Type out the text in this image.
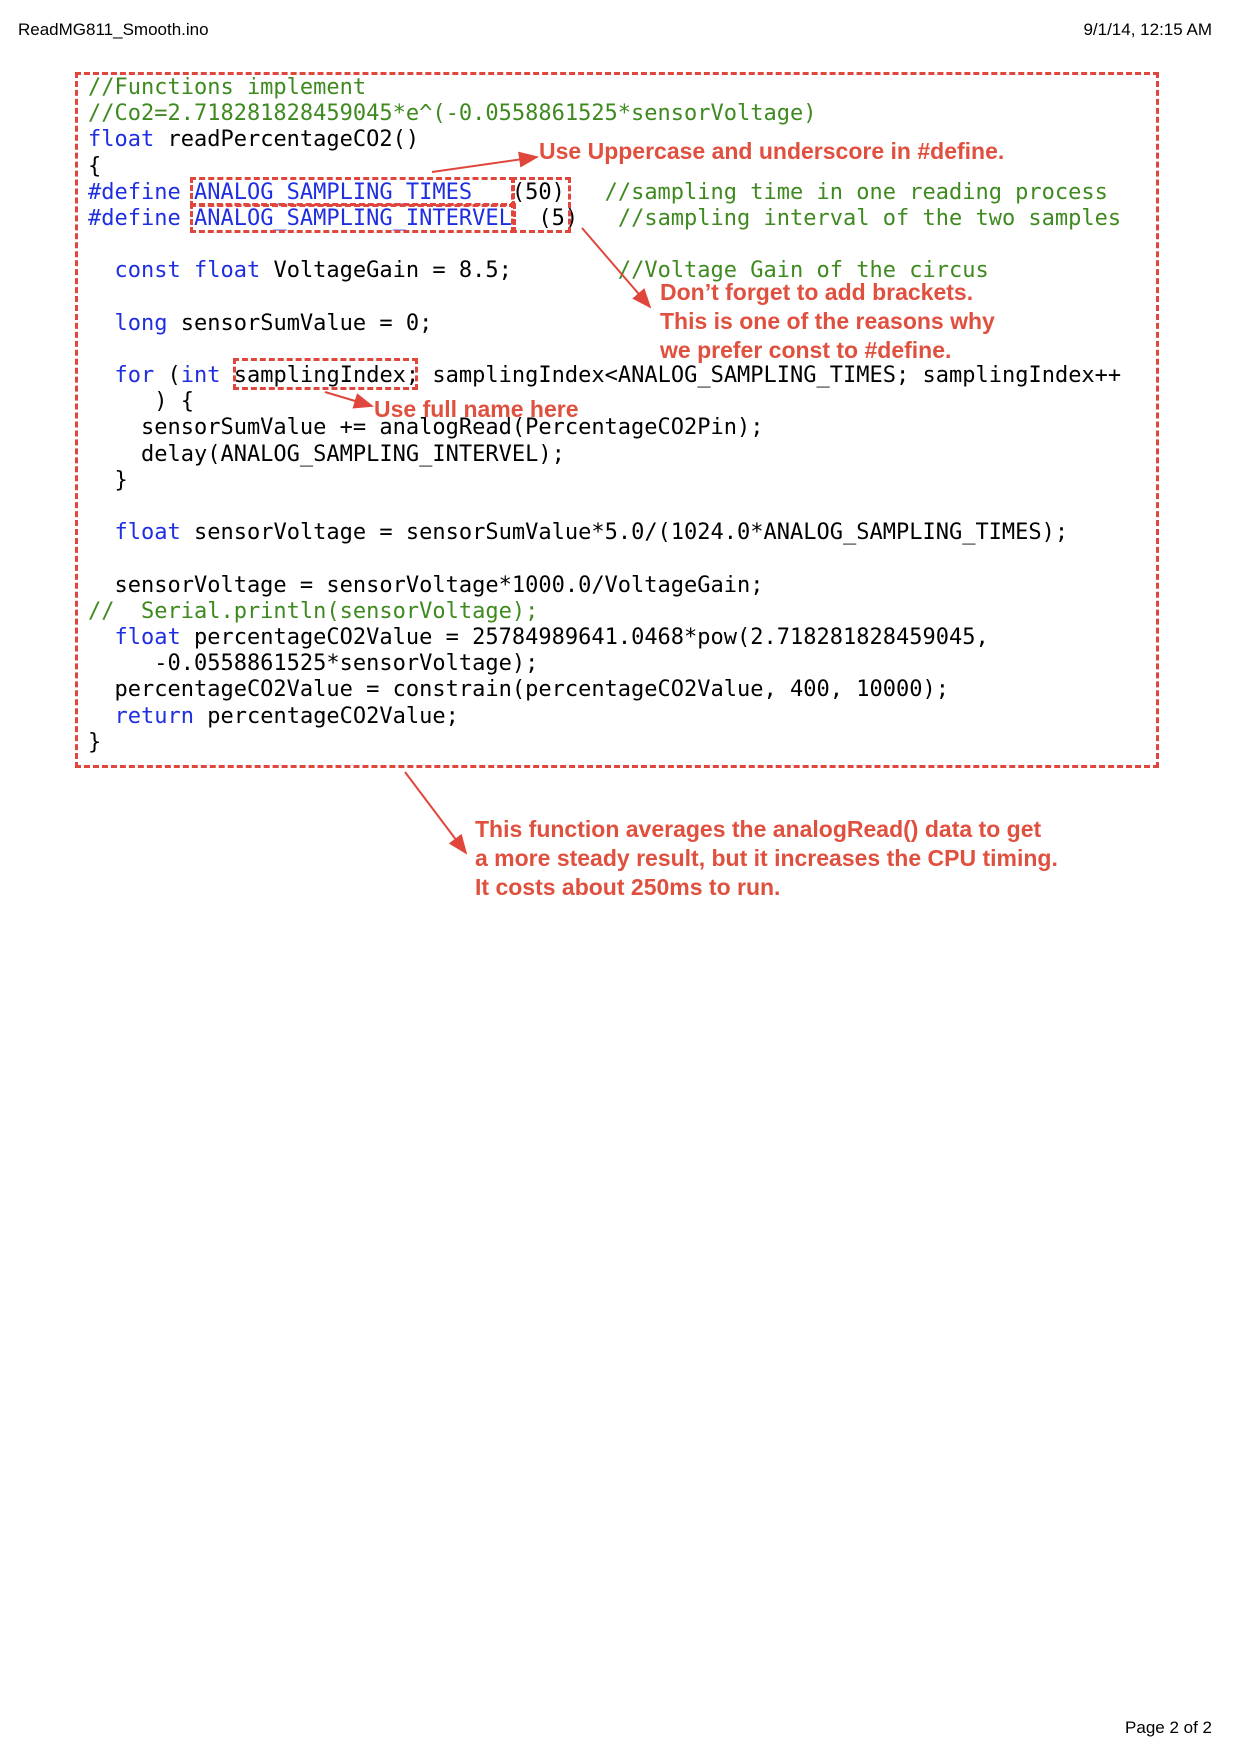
ReadMG811_Smooth.ino	9/1/14, 12:15 AM
//Functions implement
//Co2=2.718281828459045*e^(-0.0558861525*sensorVoltage)
float readPercentageCO2()
{
#define ANALOG_SAMPLING_TIMES   (50)   //sampling time in one reading process
#define ANALOG_SAMPLING_INTERVEL  (5)   //sampling interval of the two samples
const float VoltageGain = 8.5;        //Voltage Gain of the circus
long sensorSumValue = 0;
for (int samplingIndex; samplingIndex<ANALOG_SAMPLING_TIMES; samplingIndex++
) {
sensorSumValue += analogRead(PercentageCO2Pin);
delay(ANALOG_SAMPLING_INTERVEL);
}
float sensorVoltage = sensorSumValue*5.0/(1024.0*ANALOG_SAMPLING_TIMES);
sensorVoltage = sensorVoltage*1000.0/VoltageGain;
//  Serial.println(sensorVoltage);
float percentageCO2Value = 25784989641.0468*pow(2.718281828459045,
-0.0558861525*sensorVoltage);
percentageCO2Value = constrain(percentageCO2Value, 400, 10000);
return percentageCO2Value;
}
Use Uppercase and underscore in #define.
Don’t forget to add brackets.
This is one of the reasons why
we prefer const to #define.
Use full name here
This function averages the analogRead() data to get
a more steady result, but it increases the CPU timing.
It costs about 250ms to run.
Page 2 of 2
